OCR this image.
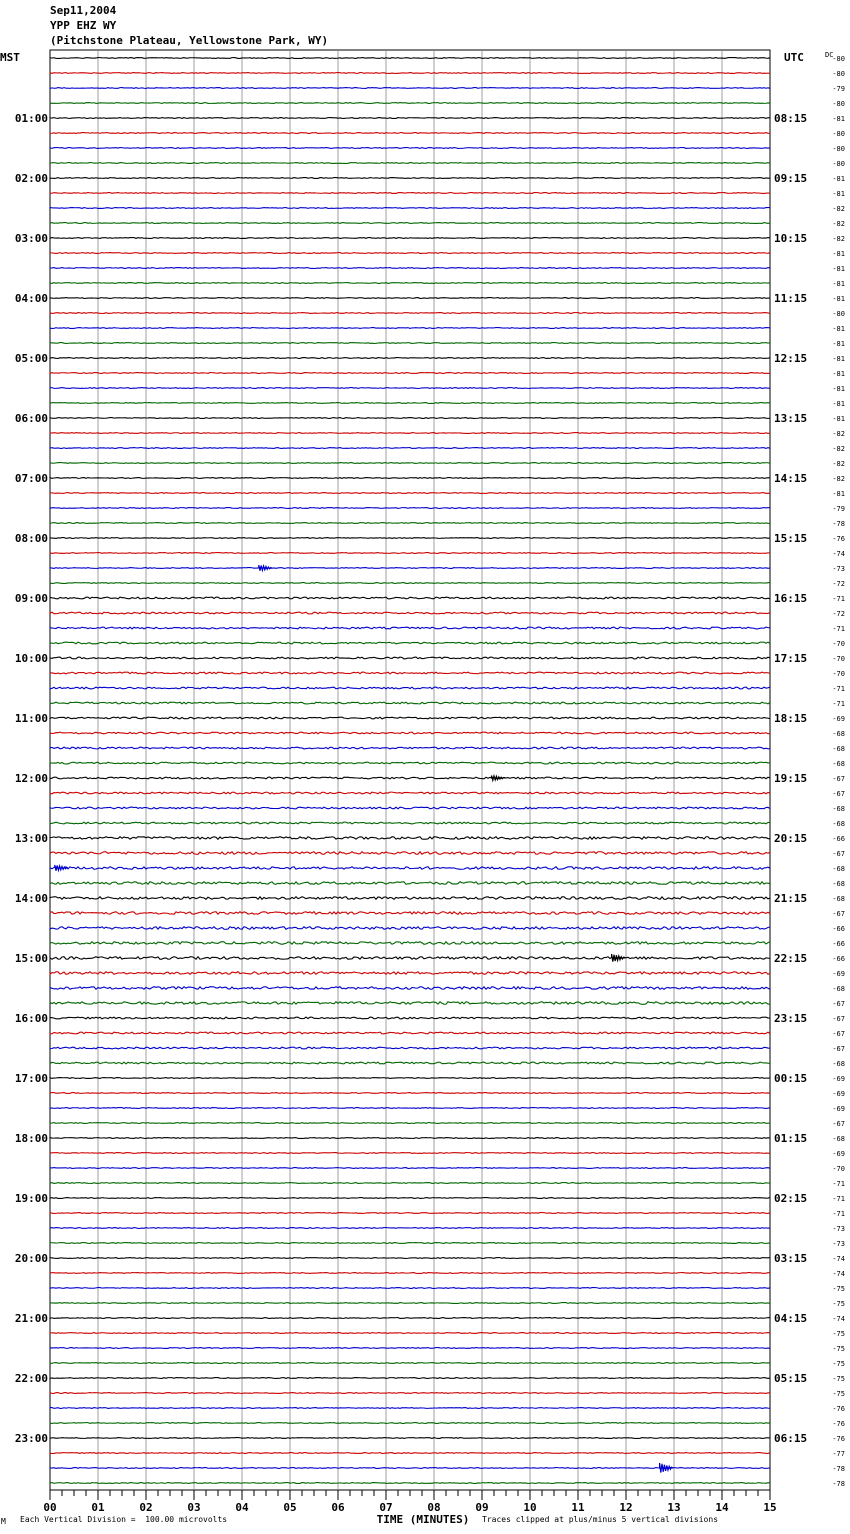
Sep11,2004
YPP EHZ WY
(Pitchstone Plateau, Yellowstone Park, WY)
MST	UTC
01:00
02:00
03:00
04:00
05:00
06:00
07:00
08:00
09:00
10:00
11:00
12:00
13:00
14:00
15:00
16:00
17:00
18:00
19:00
20:00
21:00
22:00
23:00
08:15
09:15
10:15
11:15
12:15
13:15
14:15
15:15
16:15
17:15
18:15
19:15
20:15
21:15
22:15
23:15
00:15
01:15
02:15
03:15
04:15
05:15
06:15
DC
-80
-80
-79
-80
-81
-80
-80
-80
-81
-81
-82
-82
-82
-81
-81
-81
-81
-80
-81
-81
-81
-81
-81
-81
-81
-82
-82
-82
-82
-81
-79
-78
-76
-74
-73
-72
-71
-72
-71
-70
-70
-70
-71
-71
-69
-68
-68
-68
-67
-67
-68
-68
-66
-67
-68
-68
-68
-67
-66
-66
-66
-69
-68
-67
-67
-67
-67
-68
-69
-69
-69
-67
-68
-69
-70
-71
-71
-71
-73
-73
-74
-74
-75
-75
-74
-75
-75
-75
-75
-75
-76
-76
-76
-77
-78
-78
00	01	02	03	04	05	06	07	08	09	10	11	12	13	14	15
TIME (MINUTES)
M Each Vertical Division =  100.00 microvolts	Traces clipped at plus/minus 5 vertical divisions
